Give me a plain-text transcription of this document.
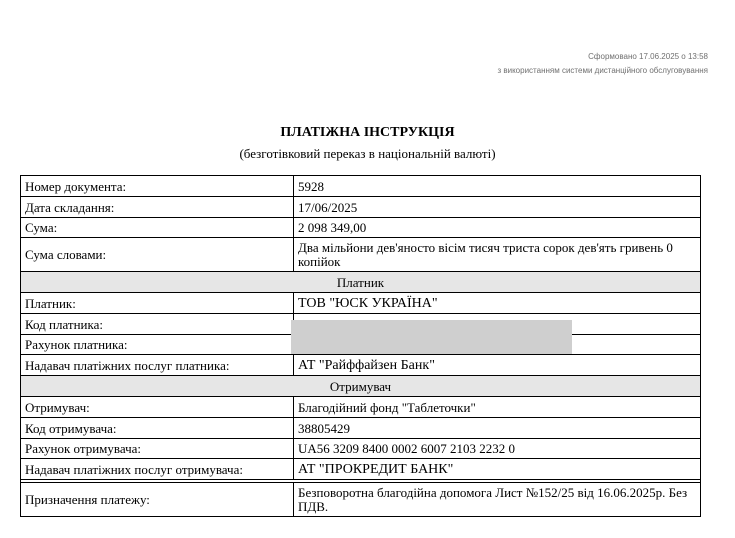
Сформовано 17.06.2025 о 13:58
з використанням системи дистанційного обслуговування
ПЛАТІЖНА ІНСТРУКЦІЯ
(безготівковий переказ в національній валюті)
Номер документа:	5928
Дата складання:	17/06/2025
Сума:	2 098 349,00
Сума словами:	Два мільйони дев'яносто вісім тисяч триста сорок дев'ять гривень 0 копійок
Платник	
Платник:	ТОВ "ЮСК УКРАЇНА"
Код платника:	
Рахунок платника:	
Надавач платіжних послуг платника:	АТ "Райффайзен Банк"
Отримувач	
Отримувач:	Благодійний фонд "Таблеточки"
Код отримувача:	38805429
Рахунок отримувача:	UA56 3209 8400 0002 6007 2103 2232 0
Надавач платіжних послуг отримувача:	АТ "ПРОКРЕДИТ БАНК"

Призначення платежу:	Безповоротна благодійна допомога Лист №152/25 від 16.06.2025р. Без ПДВ.
